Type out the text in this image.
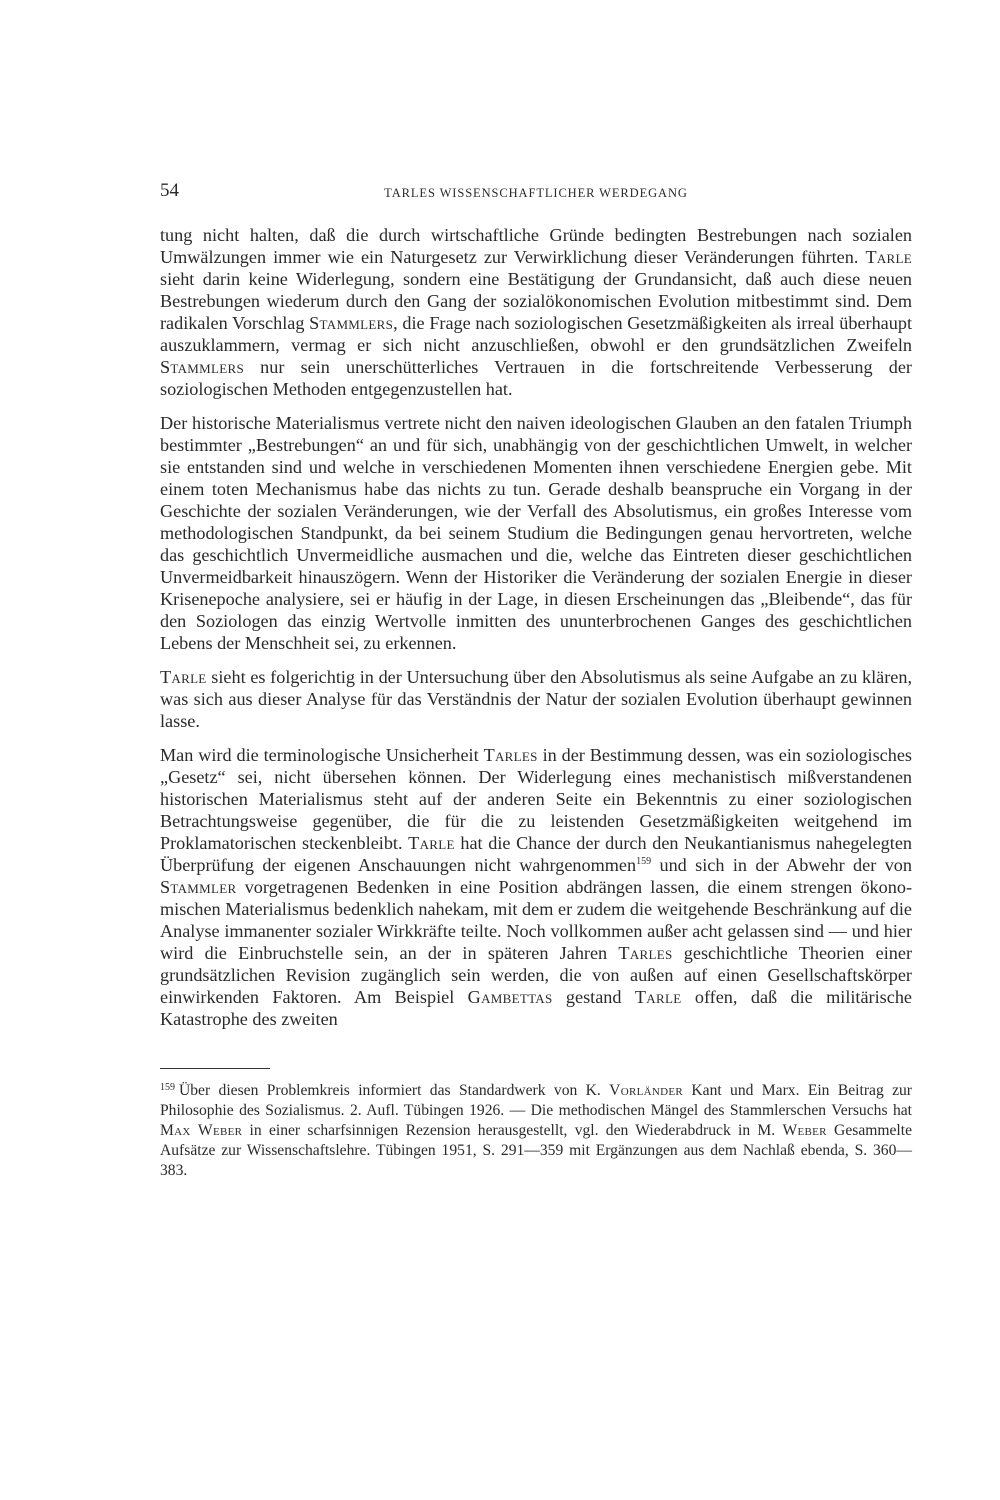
54	TARLES WISSENSCHAFTLICHER WERDEGANG

tung nicht halten, daß die durch wirtschaftliche Gründe bedingten Bestrebungen nach sozialen Umwälzungen immer wie ein Naturgesetz zur Verwirklichung dieser Veränderungen führten. Tarle sieht darin keine Widerlegung, sondern eine Bestätigung der Grundansicht, daß auch diese neuen Bestrebungen wiederum durch den Gang der sozialökonomischen Evolution mitbestimmt sind. Dem radikalen Vorschlag Stammlers, die Frage nach soziologischen Gesetzmäßigkeiten als irreal überhaupt auszuklammern, vermag er sich nicht anzuschließen, obwohl er den grundsätzlichen Zweifeln Stammlers nur sein unerschütterliches Vertrauen in die fortschreitende Verbesserung der soziologischen Methoden entgegenzustellen hat.

Der historische Materialismus vertrete nicht den naiven ideologischen Glauben an den fatalen Triumph bestimmter „Bestrebungen“ an und für sich, unabhängig von der geschichtlichen Umwelt, in welcher sie entstanden sind und welche in verschiedenen Momenten ihnen verschiedene Energien gebe. Mit einem toten Mechanismus habe das nichts zu tun. Gerade deshalb beanspruche ein Vorgang in der Geschichte der sozialen Veränderungen, wie der Verfall des Absolutismus, ein großes Interesse vom methodologischen Standpunkt, da bei seinem Studium die Bedingungen genau hervortreten, welche das geschichtlich Unvermeidliche ausmachen und die, welche das Eintreten dieser geschichtlichen Unvermeidbarkeit hinauszögern. Wenn der Historiker die Veränderung der sozialen Energie in dieser Krisenepoche analysiere, sei er häufig in der Lage, in diesen Erscheinungen das „Bleibende“, das für den Soziologen das einzig Wertvolle inmitten des ununterbrochenen Ganges des geschichtlichen Lebens der Menschheit sei, zu erkennen.

Tarle sieht es folgerichtig in der Untersuchung über den Absolutismus als seine Aufgabe an zu klären, was sich aus dieser Analyse für das Verständnis der Natur der sozialen Evolution überhaupt gewinnen lasse.

Man wird die terminologische Unsicherheit Tarles in der Bestimmung dessen, was ein soziologisches „Gesetz“ sei, nicht übersehen können. Der Widerlegung eines mechanistisch mißverstandenen historischen Materialismus steht auf der anderen Seite ein Bekenntnis zu einer soziologischen Betrachtungsweise gegenüber, die für die zu leistenden Gesetzmäßigkeiten weitgehend im Proklamatorischen steckenbleibt. Tarle hat die Chance der durch den Neukantianismus nahegelegten Überprüfung der eigenen Anschauungen nicht wahrgenommen$^{159}$ und sich in der Abwehr der von Stammler vorgetragenen Bedenken in eine Position abdrängen lassen, die einem strengen ökonomischen Materialismus bedenklich nahekam, mit dem er zudem die weitgehende Beschränkung auf die Analyse immanenter sozialer Wirkkräfte teilte. Noch vollkommen außer acht gelassen sind — und hier wird die Einbruchstelle sein, an der in späteren Jahren Tarles geschichtliche Theorien einer grundsätzlichen Revision zugänglich sein werden, die von außen auf einen Gesellschaftskörper einwirkenden Faktoren. Am Beispiel Gambettas gestand Tarle offen, daß die militärische Katastrophe des zweiten

$^{159}$ Über diesen Problemkreis informiert das Standardwerk von K. Vorländer Kant und Marx. Ein Beitrag zur Philosophie des Sozialismus. 2. Aufl. Tübingen 1926. — Die methodischen Mängel des Stammlerschen Versuchs hat Max Weber in einer scharfsinnigen Rezension herausgestellt, vgl. den Wiederabdruck in M. Weber Gesammelte Aufsätze zur Wissenschaftslehre. Tübingen 1951, S. 291—359 mit Ergänzungen aus dem Nachlaß ebenda, S. 360—383.
